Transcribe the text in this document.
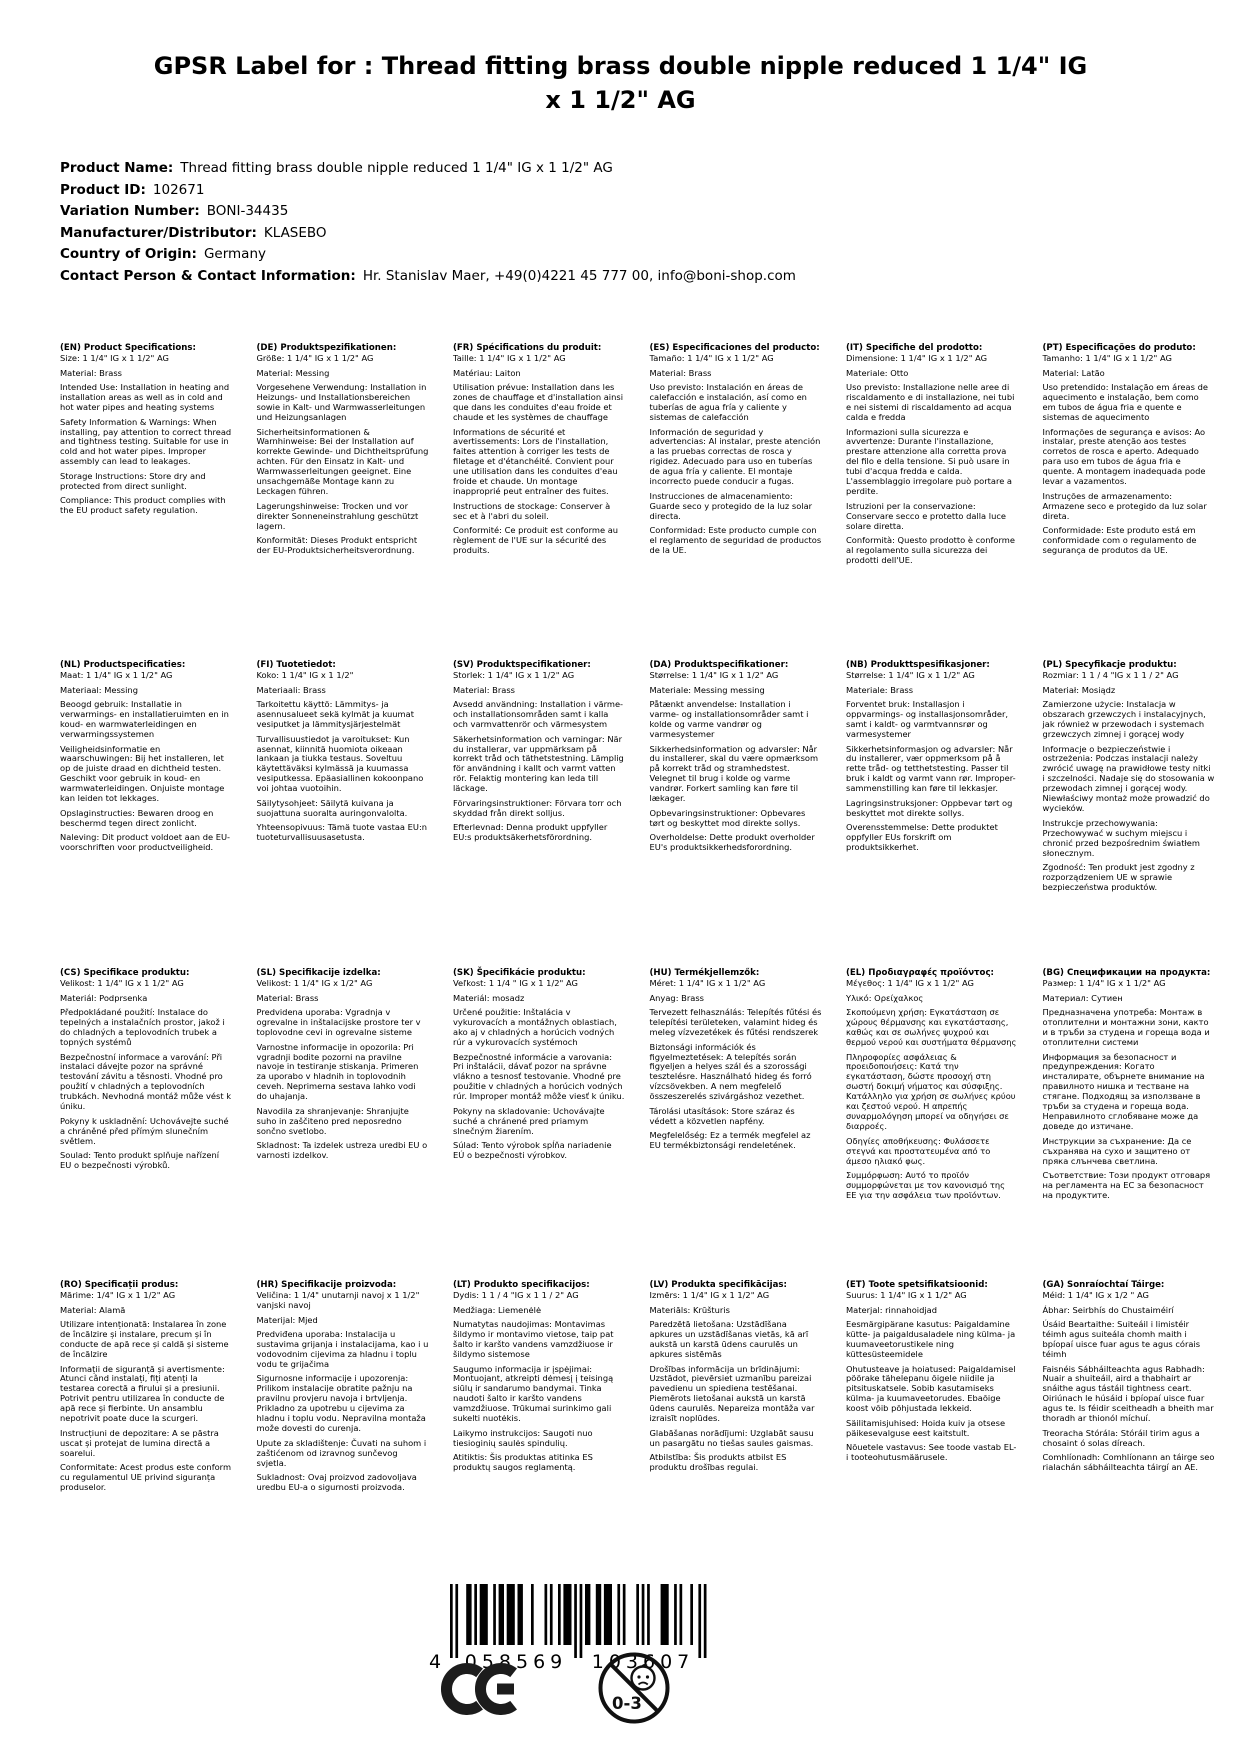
GPSR Label for : Thread fitting brass double nipple reduced 1 1/4" IG x 1 1/2" AG
Product Name: Thread fitting brass double nipple reduced 1 1/4" IG x 1 1/2" AG
Product ID: 102671
Variation Number: BONI-34435
Manufacturer/Distributor: KLASEBO
Country of Origin: Germany
Contact Person & Contact Information: Hr. Stanislav Maer, +49(0)4221 45 777 00, info@boni-shop.com
(EN) Product Specifications:

Size: 1 1/4" IG x 1 1/2" AG

Material: Brass

Intended Use: Installation in heating and installation areas as well as in cold and hot water pipes and heating systems

Safety Information & Warnings: When installing, pay attention to correct thread and tightness testing. Suitable for use in cold and hot water pipes. Improper assembly can lead to leakages.

Storage Instructions: Store dry and protected from direct sunlight.

Compliance: This product complies with the EU product safety regulation.

(DE) Produktspezifikationen:

Größe: 1 1/4" IG x 1 1/2" AG

Material: Messing

Vorgesehene Verwendung: Installation in Heizungs- und Installationsbereichen sowie in Kalt- und Warmwasserleitungen und Heizungsanlagen

Sicherheitsinformationen & Warnhinweise: Bei der Installation auf korrekte Gewinde- und Dichtheitsprüfung achten. Für den Einsatz in Kalt- und Warmwasserleitungen geeignet. Eine unsachgemäße Montage kann zu Leckagen führen.

Lagerungshinweise: Trocken und vor direkter Sonneneinstrahlung geschützt lagern.

Konformität: Dieses Produkt entspricht der EU-Produktsicherheitsverordnung.

(FR) Spécifications du produit:

Taille: 1 1/4" IG x 1 1/2" AG

Matériau: Laiton

Utilisation prévue: Installation dans les zones de chauffage et d'installation ainsi que dans les conduites d'eau froide et chaude et les systèmes de chauffage

Informations de sécurité et avertissements: Lors de l'installation, faites attention à corriger les tests de filetage et d'étanchéité. Convient pour une utilisation dans les conduites d'eau froide et chaude. Un montage inapproprié peut entraîner des fuites.

Instructions de stockage: Conserver à sec et à l'abri du soleil.

Conformité: Ce produit est conforme au règlement de l'UE sur la sécurité des produits.

(ES) Especificaciones del producto:

Tamaño: 1 1/4" IG x 1 1/2" AG

Material: Brass

Uso previsto: Instalación en áreas de calefacción e instalación, así como en tuberías de agua fría y caliente y sistemas de calefacción

Información de seguridad y advertencias: Al instalar, preste atención a las pruebas correctas de rosca y rigidez. Adecuado para uso en tuberías de agua fría y caliente. El montaje incorrecto puede conducir a fugas.

Instrucciones de almacenamiento: Guarde seco y protegido de la luz solar directa.

Conformidad: Este producto cumple con el reglamento de seguridad de productos de la UE.

(IT) Specifiche del prodotto:

Dimensione: 1 1/4" IG x 1 1/2" AG

Materiale: Otto

Uso previsto: Installazione nelle aree di riscaldamento e di installazione, nei tubi e nei sistemi di riscaldamento ad acqua calda e fredda

Informazioni sulla sicurezza e avvertenze: Durante l'installazione, prestare attenzione alla corretta prova del filo e della tensione. Si può usare in tubi d'acqua fredda e calda. L'assemblaggio irregolare può portare a perdite.

Istruzioni per la conservazione: Conservare secco e protetto dalla luce solare diretta.

Conformità: Questo prodotto è conforme al regolamento sulla sicurezza dei prodotti dell'UE.

(PT) Especificações do produto:

Tamanho: 1 1/4" IG x 1 1/2" AG

Material: Latão

Uso pretendido: Instalação em áreas de aquecimento e instalação, bem como em tubos de água fria e quente e sistemas de aquecimento

Informações de segurança e avisos: Ao instalar, preste atenção aos testes corretos de rosca e aperto. Adequado para uso em tubos de água fria e quente. A montagem inadequada pode levar a vazamentos.

Instruções de armazenamento: Armazene seco e protegido da luz solar direta.

Conformidade: Este produto está em conformidade com o regulamento de segurança de produtos da UE.

(NL) Productspecificaties:

Maat: 1 1/4" IG x 1 1/2" AG

Materiaal: Messing

Beoogd gebruik: Installatie in verwarmings- en installatieruimten en in koud- en warmwaterleidingen en verwarmingssystemen

Veiligheidsinformatie en waarschuwingen: Bij het installeren, let op de juiste draad en dichtheid testen. Geschikt voor gebruik in koud- en warmwaterleidingen. Onjuiste montage kan leiden tot lekkages.

Opslaginstructies: Bewaren droog en beschermd tegen direct zonlicht.

Naleving: Dit product voldoet aan de EU-voorschriften voor productveiligheid.

(FI) Tuotetiedot:

Koko: 1 1/4" IG x 1 1/2"

Materiaali: Brass

Tarkoitettu käyttö: Lämmitys- ja asennusalueet sekä kylmät ja kuumat vesiputket ja lämmitysjärjestelmät

Turvallisuustiedot ja varoitukset: Kun asennat, kiinnitä huomiota oikeaan lankaan ja tiukka testaus. Soveltuu käytettäväksi kylmässä ja kuumassa vesiputkessa. Epäasiallinen kokoonpano voi johtaa vuotoihin.

Säilytysohjeet: Säilytä kuivana ja suojattuna suoralta auringonvalolta.

Yhteensopivuus: Tämä tuote vastaa EU:n tuoteturvallisuusasetusta.

(SV) Produktspecifikationer:

Storlek: 1 1/4" IG x 1 1/2" AG

Material: Brass

Avsedd användning: Installation i värme- och installationsområden samt i kalla och varmvattenrör och värmesystem

Säkerhetsinformation och varningar: När du installerar, var uppmärksam på korrekt tråd och täthetstestning. Lämplig för användning i kallt och varmt vatten rör. Felaktig montering kan leda till läckage.

Förvaringsinstruktioner: Förvara torr och skyddad från direkt solljus.

Efterlevnad: Denna produkt uppfyller EU:s produktsäkerhetsförordning.

(DA) Produktspecifikationer:

Størrelse: 1 1/4" IG x 1 1/2" AG

Materiale: Messing messing

Påtænkt anvendelse: Installation i varme- og installationsområder samt i kolde og varme vandrør og varmesystemer

Sikkerhedsinformation og advarsler: Når du installerer, skal du være opmærksom på korrekt tråd og stramhedstest. Velegnet til brug i kolde og varme vandrør. Forkert samling kan føre til lækager.

Opbevaringsinstruktioner: Opbevares tørt og beskyttet mod direkte sollys.

Overholdelse: Dette produkt overholder EU's produktsikkerhedsforordning.

(NB) Produkttspesifikasjoner:

Størrelse: 1 1/4" IG x 1 1/2" AG

Materiale: Brass

Forventet bruk: Installasjon i oppvarmings- og installasjonsområder, samt i kaldt- og varmtvannsrør og varmesystemer

Sikkerhetsinformasjon og advarsler: Når du installerer, vær oppmerksom på å rette tråd- og tetthetstesting. Passer til bruk i kaldt og varmt vann rør. Improper-sammenstilling kan føre til lekkasjer.

Lagringsinstruksjoner: Oppbevar tørt og beskyttet mot direkte sollys.

Overensstemmelse: Dette produktet oppfyller EUs forskrift om produktsikkerhet.

(PL) Specyfikacje produktu:

Rozmiar: 1 1 / 4 "IG x 1 1 / 2" AG

Materiał: Mosiądz

Zamierzone użycie: Instalacja w obszarach grzewczych i instalacyjnych, jak również w przewodach i systemach grzewczych zimnej i gorącej wody

Informacje o bezpieczeństwie i ostrzeżenia: Podczas instalacji należy zwrócić uwagę na prawidłowe testy nitki i szczelności. Nadaje się do stosowania w przewodach zimnej i gorącej wody. Niewłaściwy montaż może prowadzić do wycieków.

Instrukcje przechowywania: Przechowywać w suchym miejscu i chronić przed bezpośrednim światłem słonecznym.

Zgodność: Ten produkt jest zgodny z rozporządzeniem UE w sprawie bezpieczeństwa produktów.

(CS) Specifikace produktu:

Velikost: 1 1/4" IG x 1 1/2" AG

Materiál: Podprsenka

Předpokládané použití: Instalace do tepelných a instalačních prostor, jakož i do chladných a teplovodních trubek a topných systémů

Bezpečnostní informace a varování: Při instalaci dávejte pozor na správné testování závitu a těsnosti. Vhodné pro použití v chladných a teplovodních trubkách. Nevhodná montáž může vést k úniku.

Pokyny k uskladnění: Uchovávejte suché a chráněné před přímým slunečním světlem.

Soulad: Tento produkt splňuje nařízení EU o bezpečnosti výrobků.

(SL) Specifikacije izdelka:

Velikost: 1 1/4" IG x 1/2" AG

Material: Brass

Predvidena uporaba: Vgradnja v ogrevalne in inštalacijske prostore ter v toplovodne cevi in ogrevalne sisteme

Varnostne informacije in opozorila: Pri vgradnji bodite pozorni na pravilne navoje in testiranje stiskanja. Primeren za uporabo v hladnih in toplovodnih ceveh. Neprimerna sestava lahko vodi do uhajanja.

Navodila za shranjevanje: Shranjujte suho in zaščiteno pred neposredno sončno svetlobo.

Skladnost: Ta izdelek ustreza uredbi EU o varnosti izdelkov.

(SK) Špecifikácie produktu:

Veľkost: 1 1/4 " IG x 1 1/2" AG

Materiál: mosadz

Určené použitie: Inštalácia v vykurovacích a montážnych oblastiach, ako aj v chladných a horúcich vodných rúr a vykurovacích systémoch

Bezpečnostné informácie a varovania: Pri inštalácii, dávať pozor na správne vlákno a tesnosť testovanie. Vhodné pre použitie v chladných a horúcich vodných rúr. Improper montáž môže viesť k úniku.

Pokyny na skladovanie: Uchovávajte suché a chránené pred priamym slnečným žiarením.

Súlad: Tento výrobok spĺňa nariadenie EÚ o bezpečnosti výrobkov.

(HU) Termékjellemzők:

Méret: 1 1/4" IG x 1 1/2" AG

Anyag: Brass

Tervezett felhasználás: Telepítés fűtési és telepítési területeken, valamint hideg és meleg vízvezetékek és fűtési rendszerek

Biztonsági információk és figyelmeztetések: A telepítés során figyeljen a helyes szál és a szorossági tesztelésre. Használható hideg és forró vízcsövekben. A nem megfelelő összeszerelés szivárgáshoz vezethet.

Tárolási utasítások: Store száraz és védett a közvetlen napfény.

Megfelelőség: Ez a termék megfelel az EU termékbiztonsági rendeletének.

(EL) Προδιαγραφές προϊόντος:

Μέγεθος: 1 1/4" IG x 1 1/2" AG

Υλικό: Ορείχαλκος

Σκοπούμενη χρήση: Εγκατάσταση σε χώρους θέρμανσης και εγκατάστασης, καθώς και σε σωλήνες ψυχρού και θερμού νερού και συστήματα θέρμανσης

Πληροφορίες ασφάλειας & προειδοποιήσεις: Κατά την εγκατάσταση, δώστε προσοχή στη σωστή δοκιμή νήματος και σύσφιξης. Κατάλληλο για χρήση σε σωλήνες κρύου και ζεστού νερού. Η απρεπής συναρμολόγηση μπορεί να οδηγήσει σε διαρροές.

Οδηγίες αποθήκευσης: Φυλάσσετε στεγνά και προστατευμένα από το άμεσο ηλιακό φως.

Συμμόρφωση: Αυτό το προϊόν συμμορφώνεται με τον κανονισμό της ΕΕ για την ασφάλεια των προϊόντων.

(BG) Спецификации на продукта:

Размер: 1 1/4" IG x 1 1/2" AG

Материал: Сутиен

Предназначена употреба: Монтаж в отоплителни и монтажни зони, както и в тръби за студена и гореща вода и отоплителни системи

Информация за безопасност и предупреждения: Когато инсталирате, обърнете внимание на правилното нишка и тестване на стягане. Подходящ за използване в тръби за студена и гореща вода. Неправилното сглобяване може да доведе до изтичане.

Инструкции за съхранение: Да се съхранява на сухо и защитено от пряка слънчева светлина.

Съответствие: Този продукт отговаря на регламента на ЕС за безопасност на продуктите.

(RO) Specificații produs:

Mărime: 1/4" IG x 1 1/2" AG

Material: Alamă

Utilizare intenționată: Instalarea în zone de încălzire și instalare, precum și în conducte de apă rece și caldă și sisteme de încălzire

Informații de siguranță și avertismente: Atunci când instalați, fiți atenți la testarea corectă a firului și a presiunii. Potrivit pentru utilizarea în conducte de apă rece și fierbinte. Un ansamblu nepotrivit poate duce la scurgeri.

Instrucțiuni de depozitare: A se păstra uscat și protejat de lumina directă a soarelui.

Conformitate: Acest produs este conform cu regulamentul UE privind siguranța produselor.

(HR) Specifikacije proizvoda:

Veličina: 1 1/4" unutarnji navoj x 1 1/2" vanjski navoj

Materijal: Mjed

Predviđena uporaba: Instalacija u sustavima grijanja i instalacijama, kao i u vodovodnim cijevima za hladnu i toplu vodu te grijačima

Sigurnosne informacije i upozorenja: Prilikom instalacije obratite pažnju na pravilnu provjeru navoja i brtvljenja. Prikladno za upotrebu u cijevima za hladnu i toplu vodu. Nepravilna montaža može dovesti do curenja.

Upute za skladištenje: Čuvati na suhom i zaštićenom od izravnog sunčevog svjetla.

Sukladnost: Ovaj proizvod zadovoljava uredbu EU-a o sigurnosti proizvoda.

(LT) Produkto specifikacijos:

Dydis: 1 1 / 4 "IG x 1 1 / 2" AG

Medžiaga: Liemenėlė

Numatytas naudojimas: Montavimas šildymo ir montavimo vietose, taip pat šalto ir karšto vandens vamzdžiuose ir šildymo sistemose

Saugumo informacija ir įspėjimai: Montuojant, atkreipti dėmesį į teisingą siūlų ir sandarumo bandymai. Tinka naudoti šalto ir karšto vandens vamzdžiuose. Trūkumai surinkimo gali sukelti nuotėkis.

Laikymo instrukcijos: Saugoti nuo tiesioginių saulės spindulių.

Atitiktis: Šis produktas atitinka ES produktų saugos reglamentą.

(LV) Produkta specifikācijas:

Izmērs: 1 1/4" IG x 1 1/2" AG

Materiāls: Krūšturis

Paredzētā lietošana: Uzstādīšana apkures un uzstādīšanas vietās, kā arī aukstā un karstā ūdens caurulēs un apkures sistēmās

Drošības informācija un brīdinājumi: Uzstādot, pievērsiet uzmanību pareizai pavedienu un spiediena testēšanai. Piemērots lietošanai aukstā un karstā ūdens caurulēs. Nepareiza montāža var izraisīt noplūdes.

Glabāšanas norādījumi: Uzglabāt sausu un pasargātu no tiešas saules gaismas.

Atbilstība: Šis produkts atbilst ES produktu drošības regulai.

(ET) Toote spetsifikatsioonid:

Suurus: 1 1/4" IG x 1 1/2" AG

Materjal: rinnahoidjad

Eesmärgipärane kasutus: Paigaldamine kütte- ja paigaldusaladele ning külma- ja kuumaveetorustikele ning küttesüsteemidele

Ohutusteave ja hoiatused: Paigaldamisel pöörake tähelepanu õigele niidile ja pitsituskatsele. Sobib kasutamiseks külma- ja kuumaveetorudes. Ebaõige koost võib põhjustada lekkeid.

Säilitamisjuhised: Hoida kuiv ja otsese päikesevalguse eest kaitstult.

Nõuetele vastavus: See toode vastab EL-i tooteohutusmäärusele.

(GA) Sonraíochtaí Táirge:

Méid: 1 1/4" IG x 1/2 " AG

Ábhar: Seirbhís do Chustaiméirí

Úsáid Beartaithe: Suiteáil i limistéir téimh agus suiteála chomh maith i bpíopaí uisce fuar agus te agus córais téimh

Faisnéis Sábháilteachta agus Rabhadh: Nuair a shuiteáil, aird a thabhairt ar snáithe agus tástáil tightness ceart. Oiriúnach le húsáid i bpíopaí uisce fuar agus te. Is féidir sceitheadh a bheith mar thoradh ar thionól míchuí.

Treoracha Stórála: Stóráil tirim agus a chosaint ó solas díreach.

Comhlíonadh: Comhlíonann an táirge seo rialachán sábháilteachta táirgí an AE.

4 058569 103607
0-3
